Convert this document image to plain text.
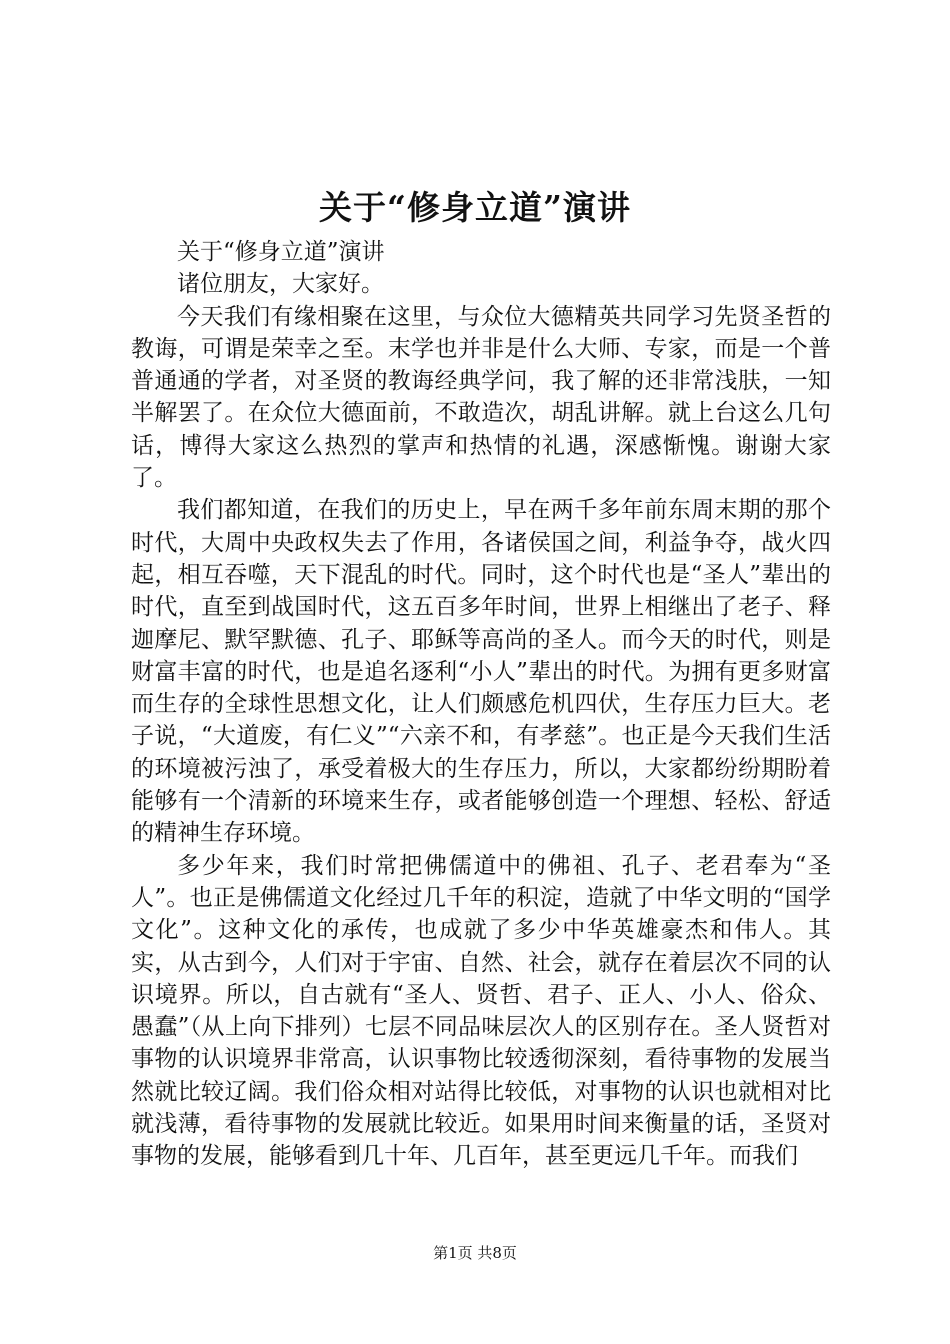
关于“修身立道”演讲

关于“修身立道”演讲

诸位朋友，大家好。

今天我们有缘相聚在这里，与众位大德精英共同学习先贤圣哲的教诲，可谓是荣幸之至。末学也并非是什么大师、专家，而是一个普普通通的学者，对圣贤的教诲经典学问，我了解的还非常浅肤，一知半解罢了。在众位大德面前，不敢造次，胡乱讲解。就上台这么几句话，博得大家这么热烈的掌声和热情的礼遇，深感惭愧。谢谢大家了。

我们都知道，在我们的历史上，早在两千多年前东周末期的那个时代，大周中央政权失去了作用，各诸侯国之间，利益争夺，战火四起，相互吞噬，天下混乱的时代。同时，这个时代也是“圣人”辈出的时代，直至到战国时代，这五百多年时间，世界上相继出了老子、释迦摩尼、默罕默德、孔子、耶稣等高尚的圣人。而今天的时代，则是财富丰富的时代，也是追名逐利“小人”辈出的时代。为拥有更多财富而生存的全球性思想文化，让人们颇感危机四伏，生存压力巨大。老子说，“大道废，有仁义”“六亲不和，有孝慈”。也正是今天我们生活的环境被污浊了，承受着极大的生存压力，所以，大家都纷纷期盼着能够有一个清新的环境来生存，或者能够创造一个理想、轻松、舒适的精神生存环境。

多少年来，我们时常把佛儒道中的佛祖、孔子、老君奉为“圣人”。也正是佛儒道文化经过几千年的积淀，造就了中华文明的“国学文化”。这种文化的承传，也成就了多少中华英雄豪杰和伟人。其实，从古到今，人们对于宇宙、自然、社会，就存在着层次不同的认识境界。所以，自古就有“圣人、贤哲、君子、正人、小人、俗众、愚蠢”（从上向下排列）七层不同品味层次人的区别存在。圣人贤哲对事物的认识境界非常高，认识事物比较透彻深刻，看待事物的发展当然就比较辽阔。我们俗众相对站得比较低，对事物的认识也就相对比就浅薄，看待事物的发展就比较近。如果用时间来衡量的话，圣贤对事物的发展，能够看到几十年、几百年，甚至更远几千年。而我们

第1页 共8页
